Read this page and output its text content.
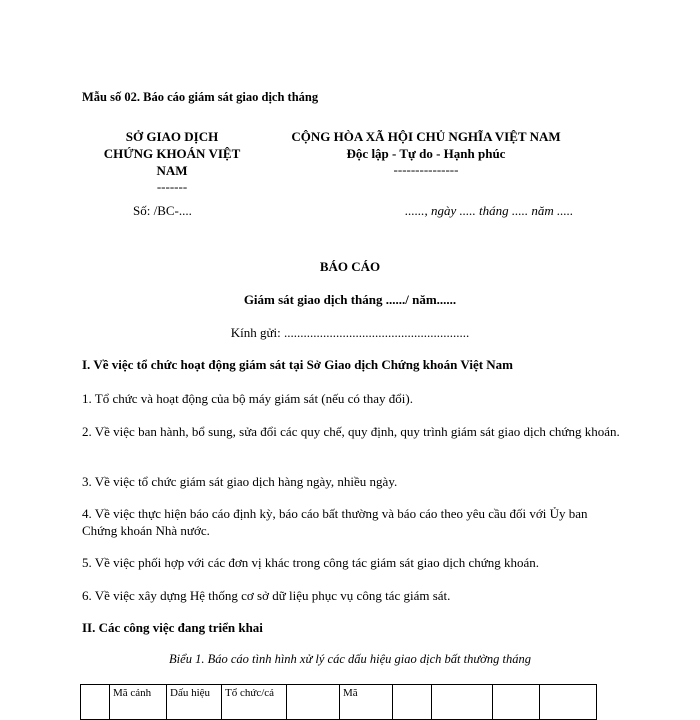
Mẫu số 02. Báo cáo giám sát giao dịch tháng
SỞ GIAO DỊCH
CHỨNG KHOÁN VIỆT
NAM
-------
Số: /BC-....
CỘNG HÒA XÃ HỘI CHỦ NGHĨA VIỆT NAM
Độc lập - Tự do - Hạnh phúc
---------------
......, ngày ..... tháng ..... năm .....
BÁO CÁO
Giám sát giao dịch tháng ....../ năm......
Kính gửi: .........................................................
I. Về việc tổ chức hoạt động giám sát tại Sở Giao dịch Chứng khoán Việt Nam
1. Tổ chức và hoạt động của bộ máy giám sát (nếu có thay đổi).
2. Về việc ban hành, bổ sung, sửa đổi các quy chế, quy định, quy trình giám sát giao dịch chứng khoán.
3. Về việc tổ chức giám sát giao dịch hàng ngày, nhiều ngày.
4. Về việc thực hiện báo cáo định kỳ, báo cáo bất thường và báo cáo theo yêu cầu đối với Ủy ban Chứng khoán Nhà nước.
5. Về việc phối hợp với các đơn vị khác trong công tác giám sát giao dịch chứng khoán.
6. Về việc xây dựng Hệ thống cơ sở dữ liệu phục vụ công tác giám sát.
II. Các công việc đang triển khai
Biểu 1. Báo cáo tình hình xử lý các dấu hiệu giao dịch bất thường tháng
	Mã cảnh	Dấu hiệu	Tổ chức/cá		Mã				
